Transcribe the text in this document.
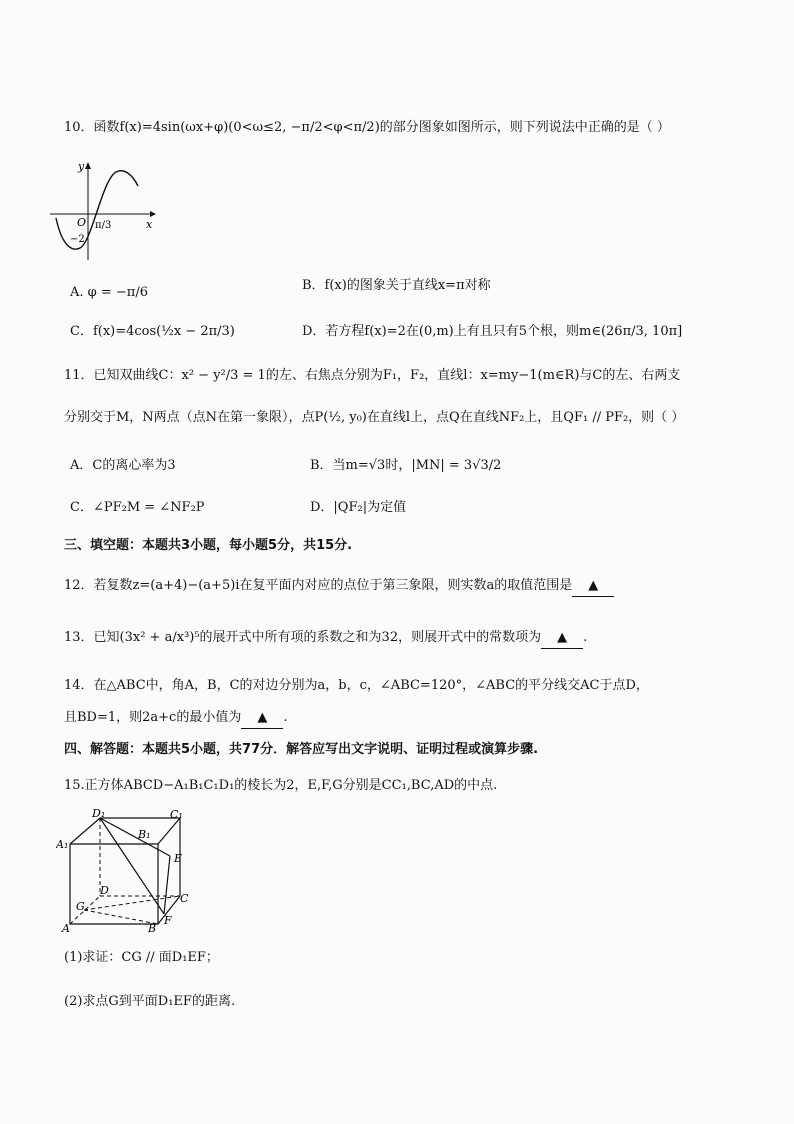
10．函数f(x)=4sin(ωx+φ)(0<ω≤2, −π/2<φ<π/2)的部分图象如图所示，则下列说法中正确的是（ ）
y
x
O π/3
−2
A. φ = −π/6	B．f(x)的图象关于直线x=π对称
C．f(x)=4cos(½x − 2π/3)	D．若方程f(x)=2在(0,m)上有且只有5个根，则m∈(26π/3, 10π]
11．已知双曲线C：x² − y²/3 = 1的左、右焦点分别为F₁，F₂，直线l：x=my−1(m∈R)与C的左、右两支
分别交于M，N两点（点N在第一象限），点P(½, y₀)在直线l上，点Q在直线NF₂上，且QF₁ // PF₂，则（ ）
A．C的离心率为3	B．当m=√3时，|MN| = 3√3/2
C．∠PF₂M = ∠NF₂P	D．|QF₂|为定值
三、填空题：本题共3小题，每小题5分，共15分.
12．若复数z=(a+4)−(a+5)i在复平面内对应的点位于第三象限，则实数a的取值范围是 ▲
13．已知(3x² + a/x³)⁵的展开式中所有项的系数之和为32，则展开式中的常数项为 ▲ .
14．在△ABC中，角A，B，C的对边分别为a，b，c，∠ABC=120°，∠ABC的平分线交AC于点D，
且BD=1，则2a+c的最小值为 ▲ .
四、解答题：本题共5小题，共77分．解答应写出文字说明、证明过程或演算步骤.
15.正方体ABCD−A₁B₁C₁D₁的棱长为2，E,F,G分别是CC₁,BC,AD的中点.
D₁	C₁
A₁
B₁
E
D
C
G
F
A	B
(1)求证：CG // 面D₁EF；
(2)求点G到平面D₁EF的距离.
